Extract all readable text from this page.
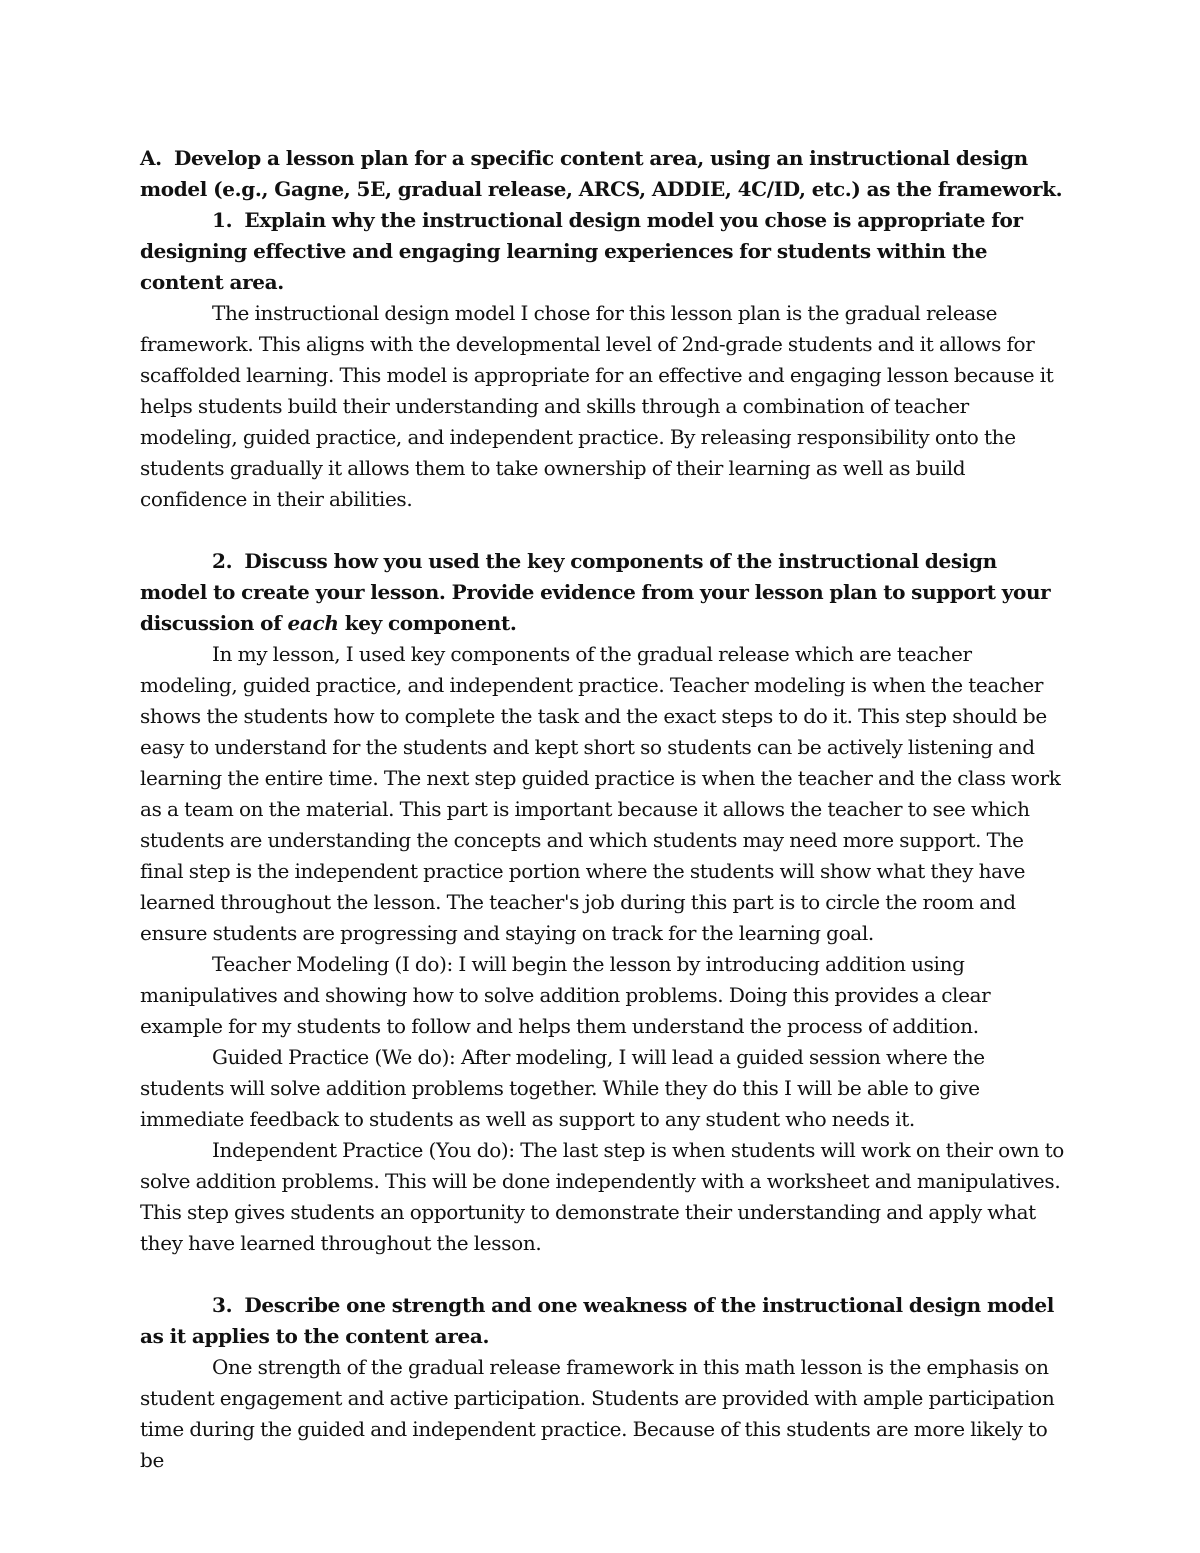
A. Develop a lesson plan for a specific content area, using an instructional design model (e.g., Gagne, 5E, gradual release, ARCS, ADDIE, 4C/ID, etc.) as the framework.

1. Explain why the instructional design model you chose is appropriate for designing effective and engaging learning experiences for students within the content area.

The instructional design model I chose for this lesson plan is the gradual release framework. This aligns with the developmental level of 2nd-grade students and it allows for scaffolded learning. This model is appropriate for an effective and engaging lesson because it helps students build their understanding and skills through a combination of teacher modeling, guided practice, and independent practice. By releasing responsibility onto the students gradually it allows them to take ownership of their learning as well as build confidence in their abilities.

2. Discuss how you used the key components of the instructional design model to create your lesson. Provide evidence from your lesson plan to support your discussion of each key component.

In my lesson, I used key components of the gradual release which are teacher modeling, guided practice, and independent practice. Teacher modeling is when the teacher shows the students how to complete the task and the exact steps to do it. This step should be easy to understand for the students and kept short so students can be actively listening and learning the entire time. The next step guided practice is when the teacher and the class work as a team on the material. This part is important because it allows the teacher to see which students are understanding the concepts and which students may need more support. The final step is the independent practice portion where the students will show what they have learned throughout the lesson. The teacher's job during this part is to circle the room and ensure students are progressing and staying on track for the learning goal.

Teacher Modeling (I do): I will begin the lesson by introducing addition using manipulatives and showing how to solve addition problems. Doing this provides a clear example for my students to follow and helps them understand the process of addition.

Guided Practice (We do): After modeling, I will lead a guided session where the students will solve addition problems together. While they do this I will be able to give immediate feedback to students as well as support to any student who needs it.

Independent Practice (You do): The last step is when students will work on their own to solve addition problems. This will be done independently with a worksheet and manipulatives. This step gives students an opportunity to demonstrate their understanding and apply what they have learned throughout the lesson.

3. Describe one strength and one weakness of the instructional design model as it applies to the content area.

One strength of the gradual release framework in this math lesson is the emphasis on student engagement and active participation. Students are provided with ample participation time during the guided and independent practice. Because of this students are more likely to be
